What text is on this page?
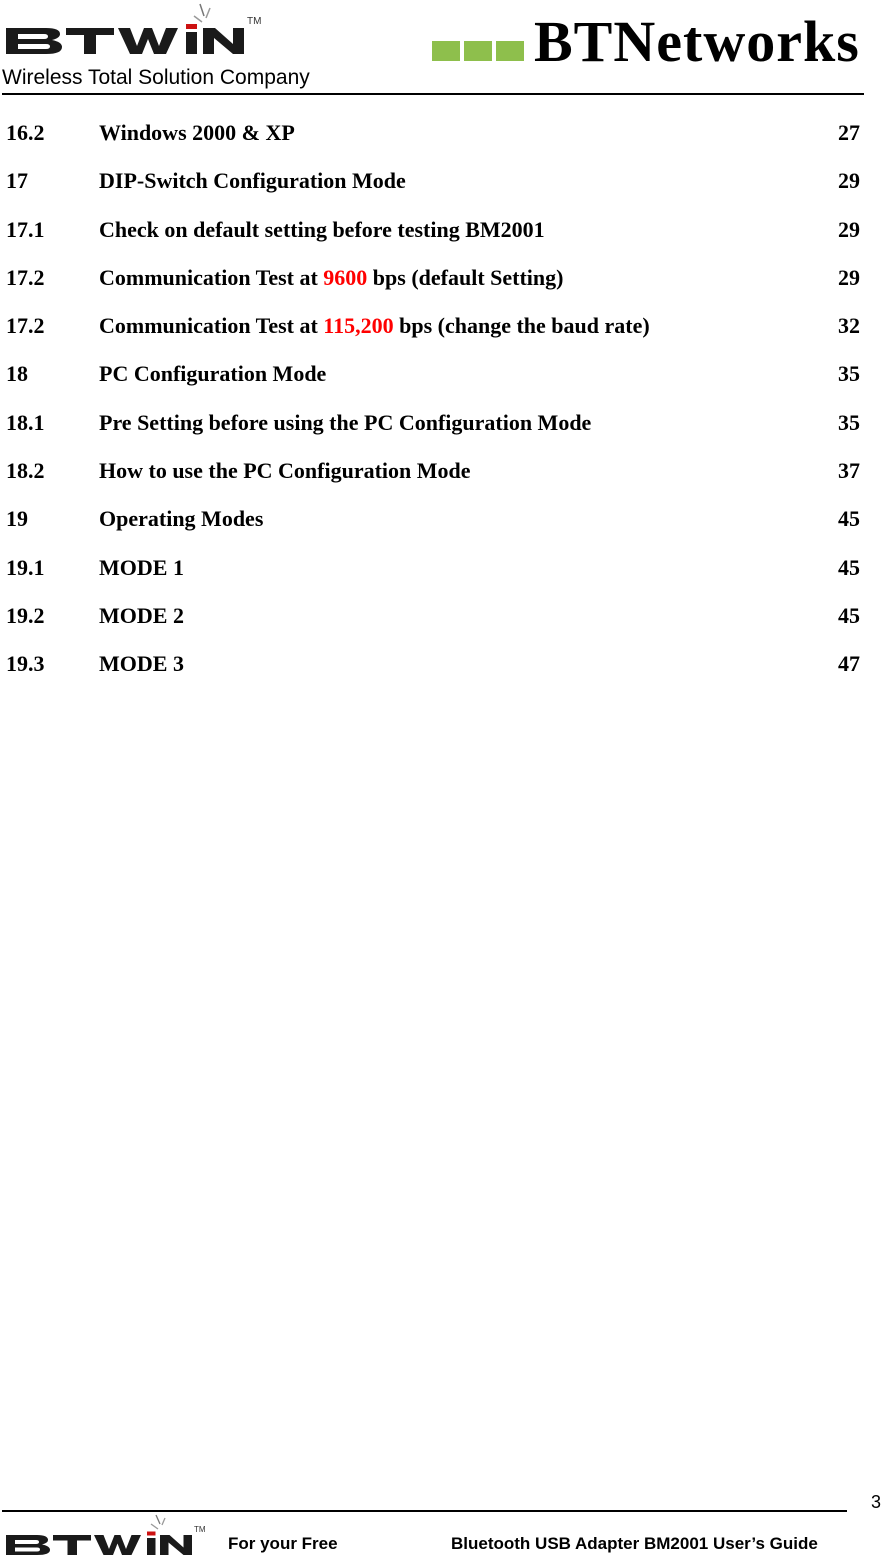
TM
Wireless Total Solution Company
BTNetworks
16.2 Windows 2000 & XP	27
17	DIP-Switch Configuration Mode	29
17.1 Check on default setting before testing BM2001	29
17.2 Communication Test at 9600 bps (default Setting)	29
17.2 Communication Test at 115,200 bps (change the baud rate)	32
18	PC Configuration Mode	35
18.1 Pre Setting before using the PC Configuration Mode	35
18.2 How to use the PC Configuration Mode	37
19	Operating Modes	45
19.1 MODE 1	45
19.2 MODE 2	45
19.3 MODE 3	47
3
TM
For your Free	Bluetooth USB Adapter BM2001 User’s Guide
